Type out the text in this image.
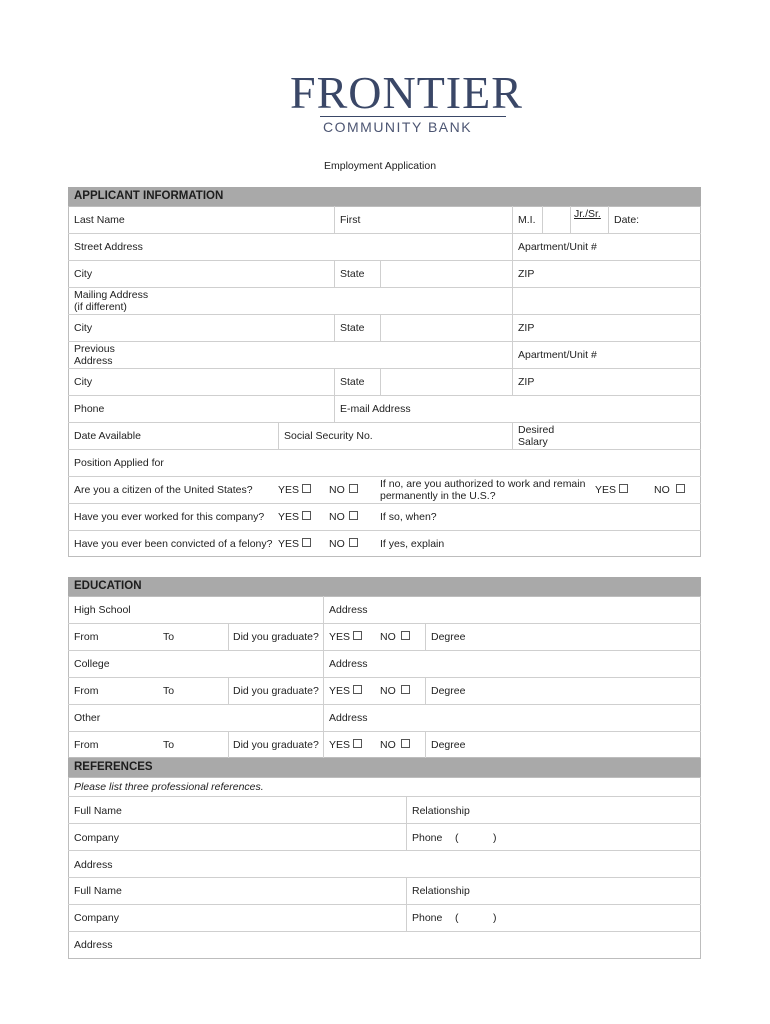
FRONTIER
COMMUNITY BANK
Employment Application
APPLICANT INFORMATION
Last Name	First	M.I.	Jr./Sr. Date:
Street Address	Apartment/Unit #
City	State	ZIP
Mailing Address
(if different)
City	State	ZIP
Previous
Address	Apartment/Unit #
City	State	ZIP
Phone	E-mail Address
Date Available	Social Security No.	Desired
Salary
Position Applied for
Are you a citizen of the United States? YES	NO	If no, are you authorized to work and remain
permanently in the U.S.?	YES	NO
Have you ever worked for this company? YES	NO	If so, when?
Have you ever been convicted of a felony? YES	NO	If yes, explain
EDUCATION
High School	Address
From	To	Did you graduate? YES	NO	Degree
College	Address
From	To	Did you graduate? YES	NO	Degree
Other	Address
From	To	Did you graduate? YES	NO	Degree
REFERENCES
Please list three professional references.
Full Name	Relationship
Company	Phone (	)
Address
Full Name	Relationship
Company	Phone (	)
Address
